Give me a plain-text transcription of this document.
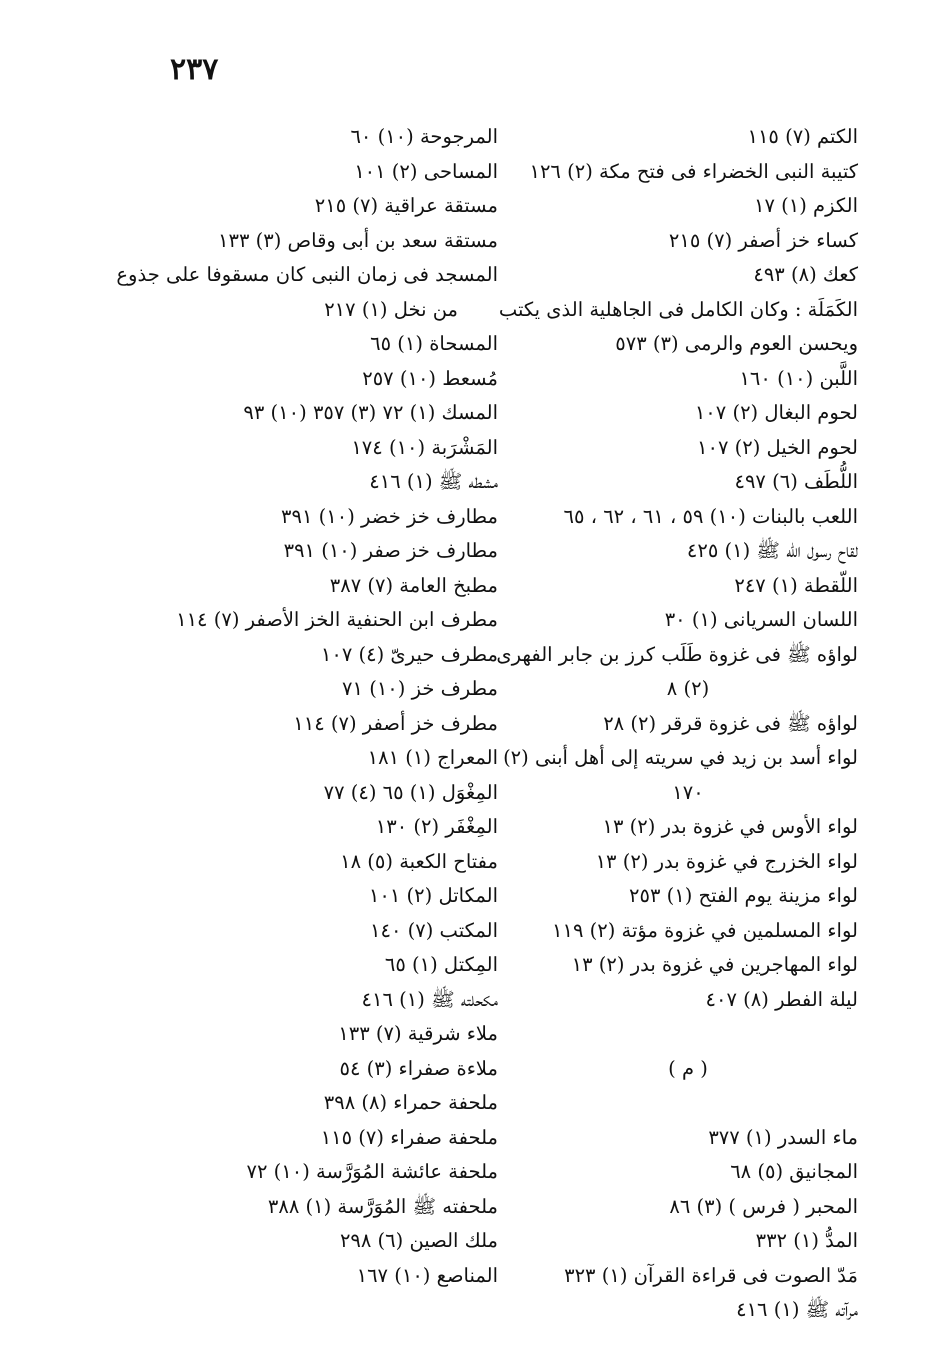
٢٣٧
الكتم (٧) ١١٥
كتيبة النبى الخضراء فى فتح مكة (٢) ١٢٦
الكزم (١) ١٧
كساء خز أصفر (٧) ٢١٥
كعك (٨) ٤٩٣
الكَمَلَة : وكان الكامل فى الجاهلية الذى يكتب
ويحسن العوم والرمى (٣) ٥٧٣
اللَّبن (١٠) ١٦٠
لحوم البغال (٢) ١٠٧
لحوم الخيل (٢) ١٠٧
اللُّطَف (٦) ٤٩٧
اللعب بالبنات (١٠) ٥٩ ، ٦١ ، ٦٢ ، ٦٥
لقاح رسول الله ﷺ (١) ٤٢٥
اللّقطة (١) ٢٤٧
اللسان السريانى (١) ٣٠
لواؤه ﷺ فى غزوة طَلَب كرز بن جابر الفهرى
(٢) ٨
لواؤه ﷺ فى غزوة قرقر (٢) ٢٨
لواء أسد بن زيد في سريته إلى أهل أبنى (٢)
١٧٠
لواء الأوس في غزوة بدر (٢) ١٣
لواء الخزرج في غزوة بدر (٢) ١٣
لواء مزينة يوم الفتح (١) ٢٥٣
لواء المسلمين في غزوة مؤتة (٢) ١١٩
لواء المهاجرين في غزوة بدر (٢) ١٣
ليلة الفطر (٨) ٤٠٧
( م )
ماء السدر (١) ٣٧٧
المجانيق (٥) ٦٨
المحبر ( فرس ) (٣) ٨٦
المدُّ (١) ٣٣٢
مَدّ الصوت فى قراءة القرآن (١) ٣٢٣
مرآته ﷺ (١) ٤١٦
المرجوحة (١٠) ٦٠
المساحى (٢) ١٠١
مستقة عراقية (٧) ٢١٥
مستقة سعد بن أبى وقاص (٣) ١٣٣
المسجد فى زمان النبى كان مسقوفا على جذوع
من نخل (١) ٢١٧
المسحاة (١) ٦٥
مُسعط (١٠) ٢٥٧
المسك (١) ٧٢ (٣) ٣٥٧ (١٠) ٩٣
المَشْرَبة (١٠) ١٧٤
مشطه ﷺ (١) ٤١٦
مطارف خز خضر (١٠) ٣٩١
مطارف خز صفر (١٠) ٣٩١
مطبخ العامة (٧) ٣٨٧
مطرف ابن الحنفية الخز الأصفر (٧) ١١٤
مطرف حيرىّ (٤) ١٠٧
مطرف خز (١٠) ٧١
مطرف خز أصفر (٧) ١١٤
المعراج (١) ١٨١
المِغْوَل (١) ٦٥ (٤) ٧٧
المِغْفَر (٢) ١٣٠
مفتاح الكعبة (٥) ١٨
المكاتل (٢) ١٠١
المكتب (٧) ١٤٠
المِكتل (١) ٦٥
مكحلته ﷺ (١) ٤١٦
ملاء شرقية (٧) ١٣٣
ملاءة صفراء (٣) ٥٤
ملحفة حمراء (٨) ٣٩٨
ملحفة صفراء (٧) ١١٥
ملحفة عائشة المُوَرَّسة (١٠) ٧٢
ملحفته ﷺ المُوَرَّسة (١) ٣٨٨
ملك الصين (٦) ٢٩٨
المناصع (١٠) ١٦٧
